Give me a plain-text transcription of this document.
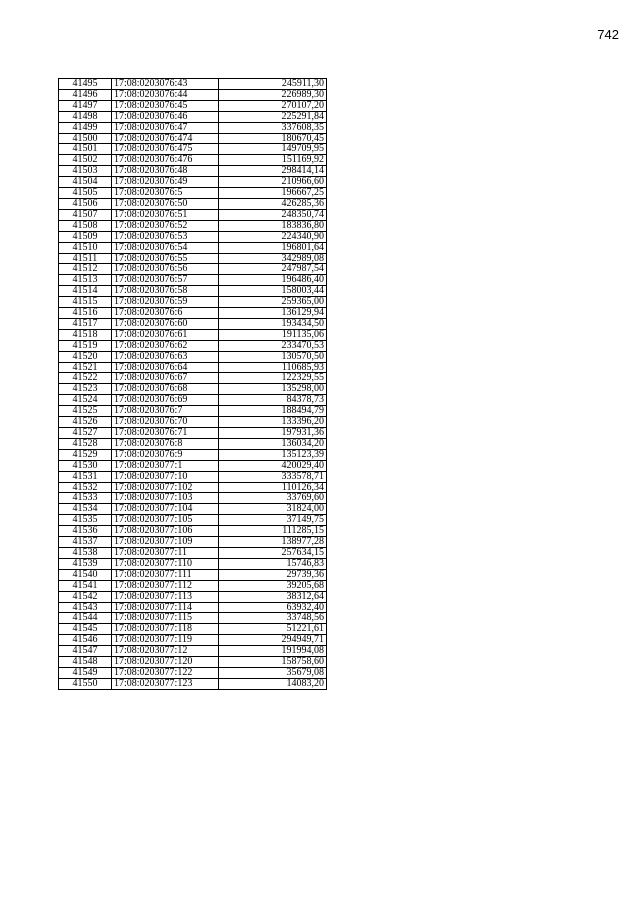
742
41495	17:08:0203076:43	245911,30
41496	17:08:0203076:44	226989,30
41497	17:08:0203076:45	270107,20
41498	17:08:0203076:46	225291,84
41499	17:08:0203076:47	337608,35
41500	17:08:0203076:474	180670,45
41501	17:08:0203076:475	149709,95
41502	17:08:0203076:476	151169,92
41503	17:08:0203076:48	298414,14
41504	17:08:0203076:49	210966,60
41505	17:08:0203076:5	196667,25
41506	17:08:0203076:50	426285,36
41507	17:08:0203076:51	248350,74
41508	17:08:0203076:52	183836,80
41509	17:08:0203076:53	224340,90
41510	17:08:0203076:54	196801,64
41511	17:08:0203076:55	342989,08
41512	17:08:0203076:56	247987,54
41513	17:08:0203076:57	196486,40
41514	17:08:0203076:58	158003,44
41515	17:08:0203076:59	259365,00
41516	17:08:0203076:6	136129,94
41517	17:08:0203076:60	193434,50
41518	17:08:0203076:61	191135,06
41519	17:08:0203076:62	233470,53
41520	17:08:0203076:63	130570,50
41521	17:08:0203076:64	110685,93
41522	17:08:0203076:67	122329,55
41523	17:08:0203076:68	135298,00
41524	17:08:0203076:69	84378,73
41525	17:08:0203076:7	188494,79
41526	17:08:0203076:70	133396,20
41527	17:08:0203076:71	197931,36
41528	17:08:0203076:8	136034,20
41529	17:08:0203076:9	135123,39
41530	17:08:0203077:1	420029,40
41531	17:08:0203077:10	333578,71
41532	17:08:0203077:102	110126,34
41533	17:08:0203077:103	33769,60
41534	17:08:0203077:104	31824,00
41535	17:08:0203077:105	37149,75
41536	17:08:0203077:106	111285,15
41537	17:08:0203077:109	138977,28
41538	17:08:0203077:11	257634,15
41539	17:08:0203077:110	15746,83
41540	17:08:0203077:111	29739,36
41541	17:08:0203077:112	39205,68
41542	17:08:0203077:113	38312,64
41543	17:08:0203077:114	63932,40
41544	17:08:0203077:115	33748,56
41545	17:08:0203077:118	51221,61
41546	17:08:0203077:119	294949,71
41547	17:08:0203077:12	191994,08
41548	17:08:0203077:120	158758,60
41549	17:08:0203077:122	35679,08
41550	17:08:0203077:123	14083,20
